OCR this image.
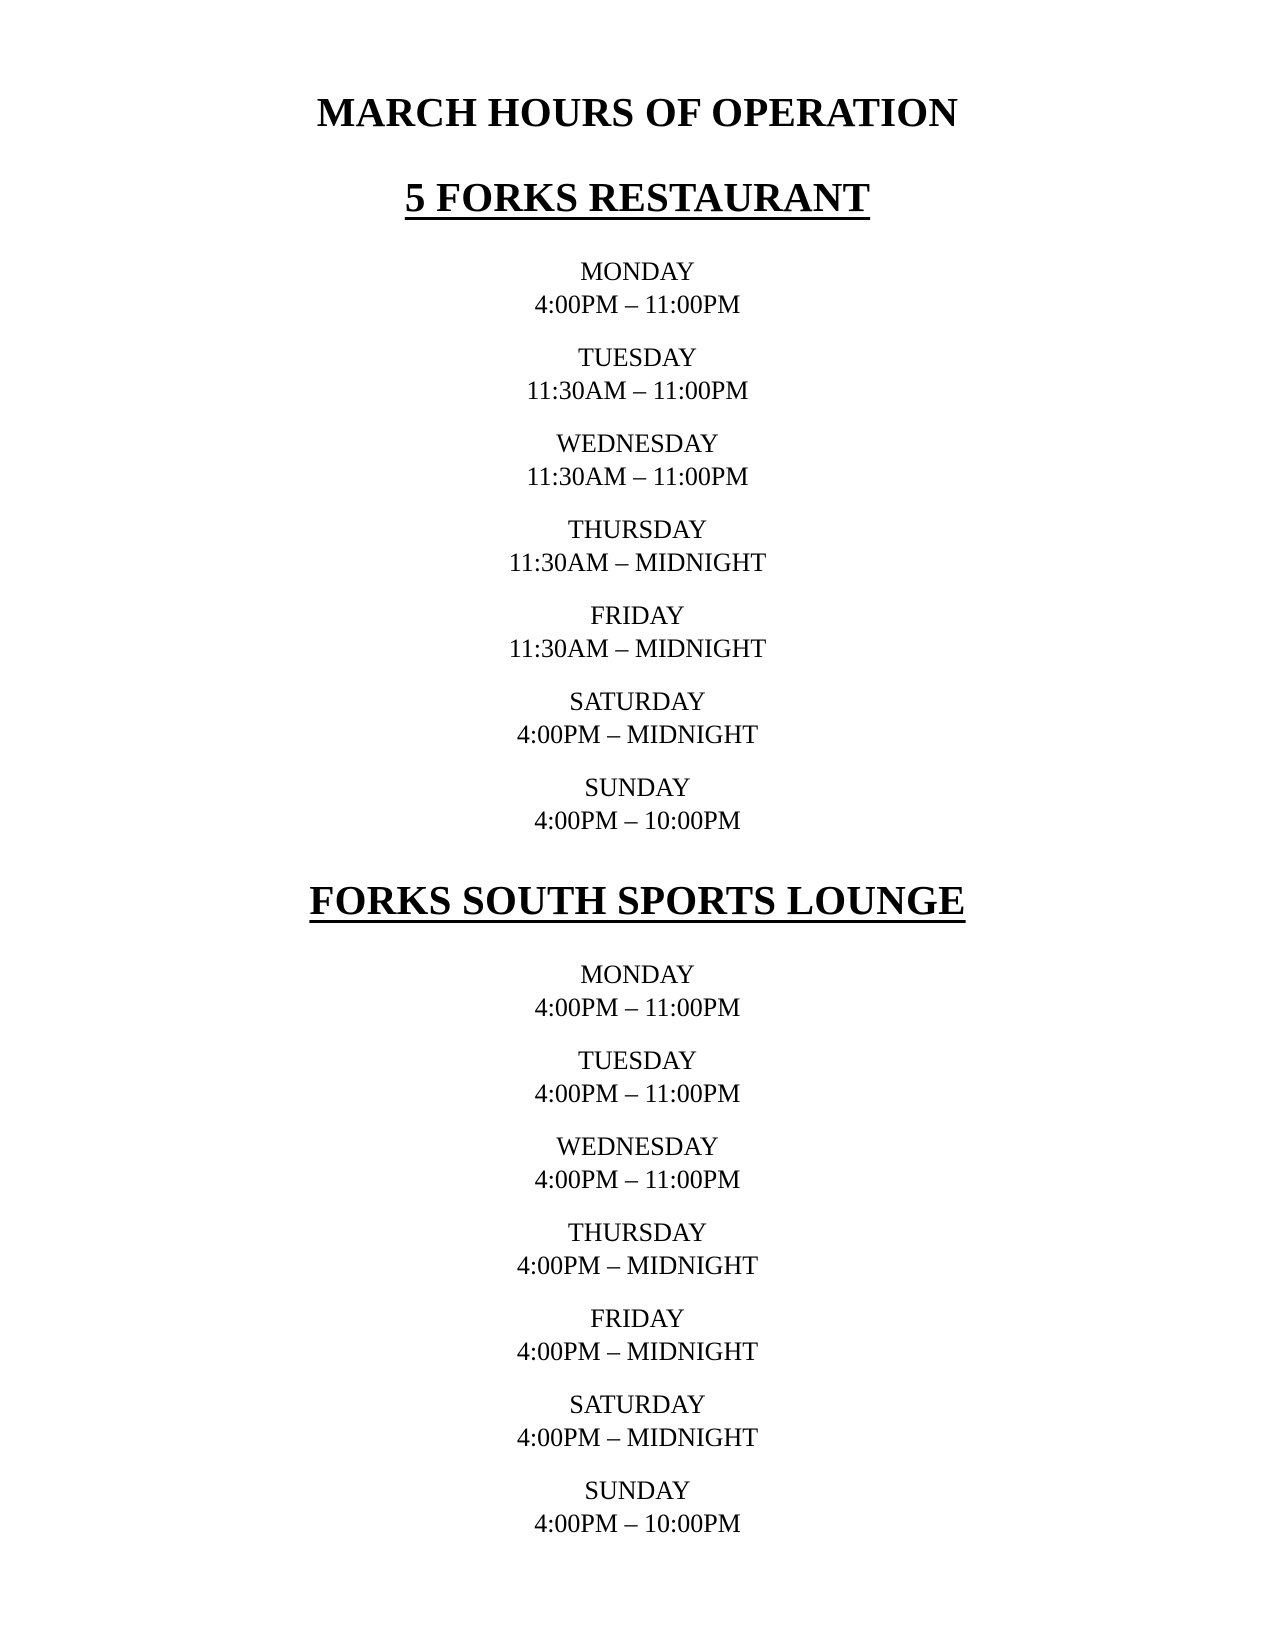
MARCH HOURS OF OPERATION
5 FORKS RESTAURANT
MONDAY
4:00PM – 11:00PM
TUESDAY
11:30AM – 11:00PM
WEDNESDAY
11:30AM – 11:00PM
THURSDAY
11:30AM – MIDNIGHT
FRIDAY
11:30AM – MIDNIGHT
SATURDAY
4:00PM – MIDNIGHT
SUNDAY
4:00PM – 10:00PM
FORKS SOUTH SPORTS LOUNGE
MONDAY
4:00PM – 11:00PM
TUESDAY
4:00PM – 11:00PM
WEDNESDAY
4:00PM – 11:00PM
THURSDAY
4:00PM – MIDNIGHT
FRIDAY
4:00PM – MIDNIGHT
SATURDAY
4:00PM – MIDNIGHT
SUNDAY
4:00PM – 10:00PM
